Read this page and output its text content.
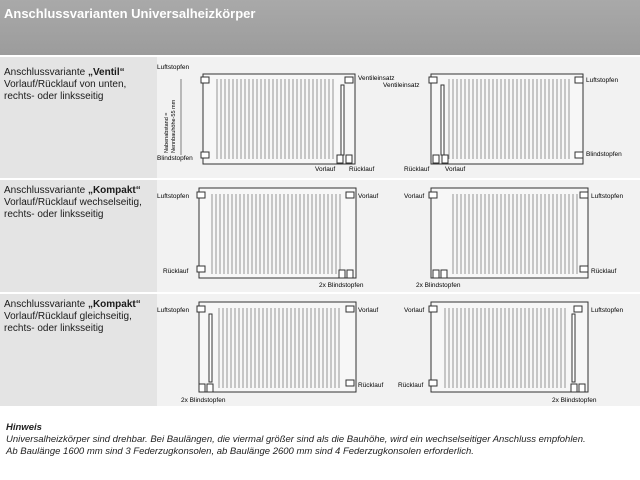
Anschlussvarianten Universalheizkörper
Anschlussvariante „Ventil“
Vorlauf/Rücklauf von unten,
rechts- oder linksseitig
Luftstopfen
Blindstopfen
Ventileinsatz
Vorlauf Rücklauf
Nabenabstand = Nennbauhöhe-55 mm
Ventileinsatz
Luftstopfen
Blindstopfen
Rücklauf Vorlauf
Anschlussvariante „Kompakt“
Vorlauf/Rücklauf wechselseitig,
rechts- oder linksseitig
Luftstopfen
Rücklauf
Vorlauf
2x Blindstopfen
Vorlauf	Luftstopfen
Rücklauf
2x Blindstopfen
Anschlussvariante „Kompakt“
Vorlauf/Rücklauf gleichseitig,
rechts- oder linksseitig
Luftstopfen	Vorlauf
Rücklauf
2x Blindstopfen
Vorlauf
Rücklauf
Luftstopfen
2x Blindstopfen
Hinweis
Universalheizkörper sind drehbar. Bei Baulängen, die viermal größer sind als die Bauhöhe, wird ein wechselseitiger Anschluss empfohlen.
Ab Baulänge 1600 mm sind 3 Federzugkonsolen, ab Baulänge 2600 mm sind 4 Federzugkonsolen erforderlich.
